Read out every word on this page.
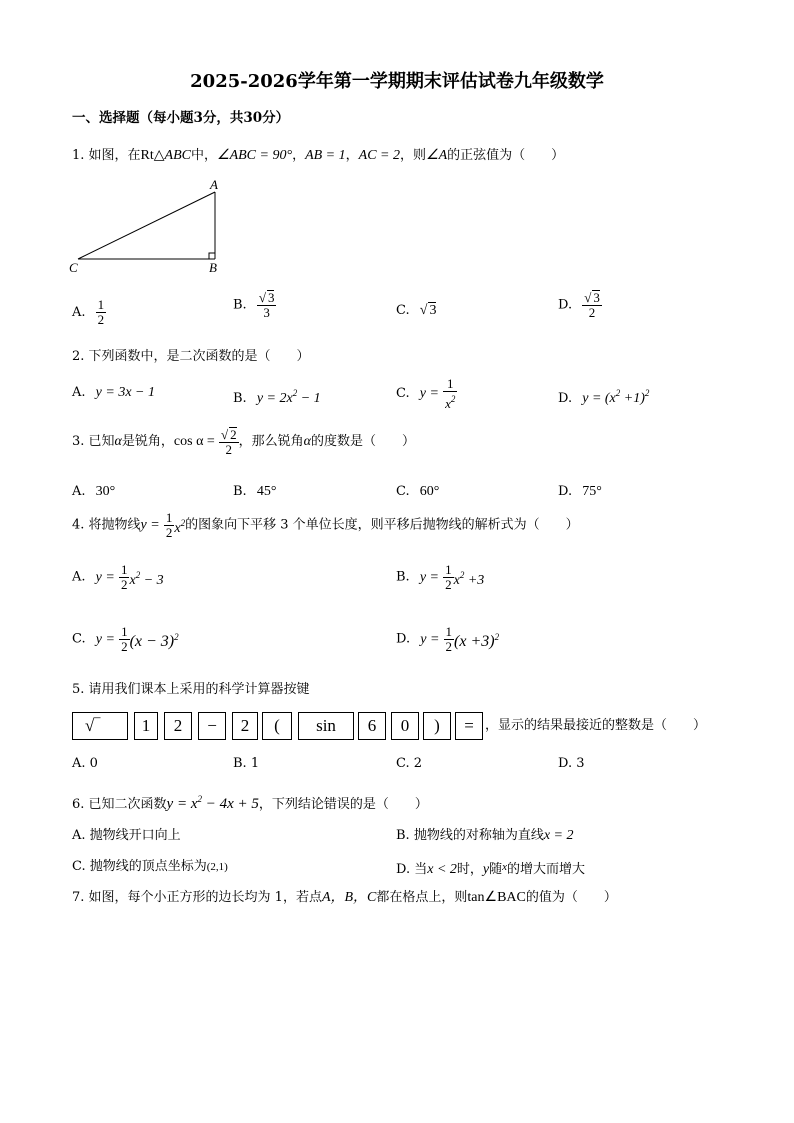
2025-2026学年第一学期期末评估试卷九年级数学
一、选择题（每小题3分，共30分）
1. 如图，在Rt△ABC中，∠ABC = 90°，AB = 1，AC = 2，则∠A的正弦值为（　　）
A
C	B
A. $\frac{1}{2}$	B. $\frac{√ 3}{3}$	C. √ 3	D. $\frac{√ 3}{2}$
2. 下列函数中，是二次函数的是（　　）
A. y = 3x − 1	B. $y = 2x^2 - 1$	C. $y = \frac{1}{x^2}$	D. $y = (x^2 +1)^2$
3. 已知α是锐角，$\cos \alpha = \frac{√ 2}{2}$ ，那么锐角α的度数是（　　）
A. 30°	B. 45°	C. 60°	D. 75°
4. 将抛物线$y = \frac{1}{2} x^2$的图象向下平移 3 个单位长度，则平移后抛物线的解析式为（　　）
A. $y = \frac{1}{2} x^2 - 3$	B. $y = \frac{1}{2} x^2 +3$
C. $y = \frac{1}{2} (x - 3)^2$	D. $y = \frac{1}{2} (x +3)^2$
5. 请用我们课本上采用的科学计算器按键
√‾	1	2	−	2	(	sin	6	0	)	= ，显示的结果最接近的整数是（　　）
A. 0	B. 1	C. 2	D. 3
6. 已知二次函数$y = x^2 - 4x + 5$，下列结论错误的是（　　）
A. 抛物线开口向上	B. 抛物线的对称轴为直线x = 2
C. 抛物线的顶点坐标为(2,1)	D. 当x < 2时，y随$^x$的增大而增大
7. 如图，每个小正方形的边长均为 1，若点A，B，C都在格点上，则tan∠BAC的值为（　　）
